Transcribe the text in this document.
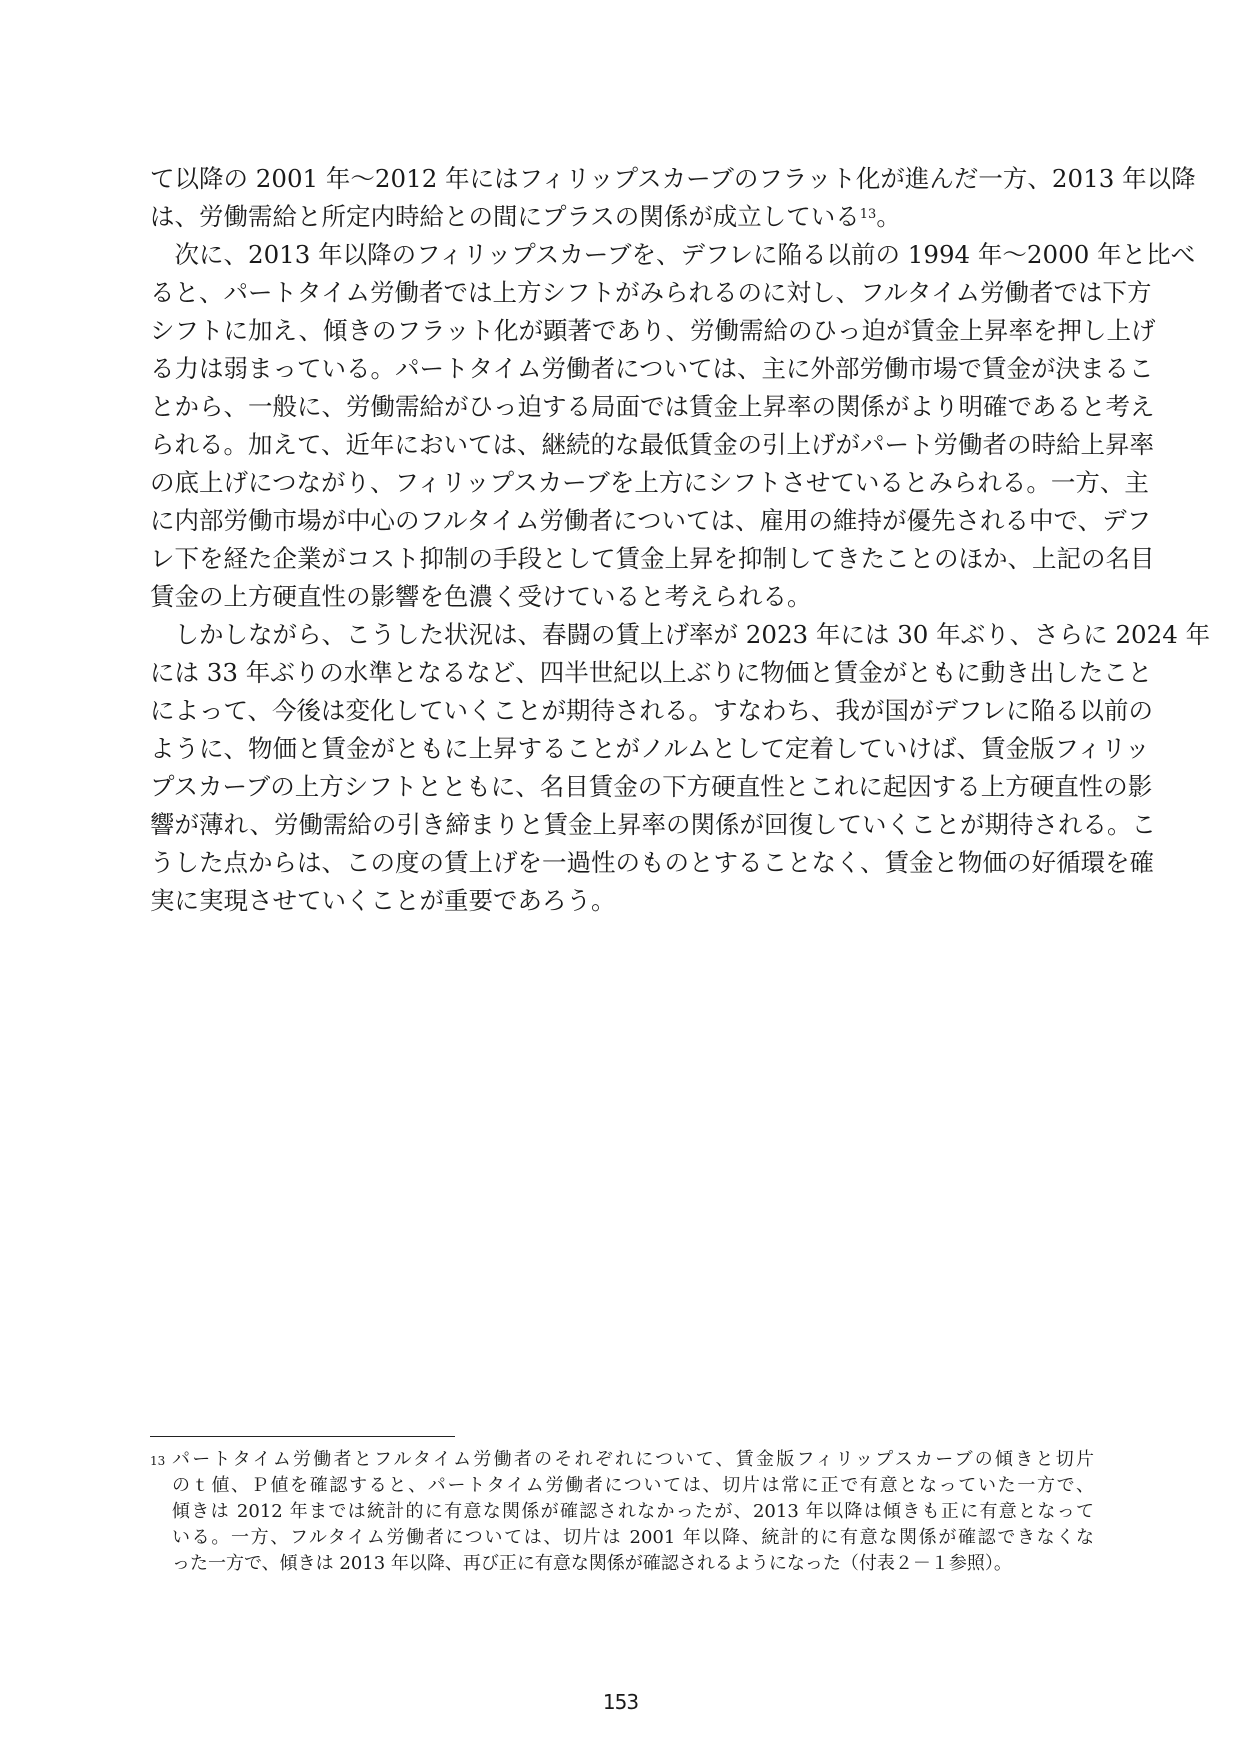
て以降の 2001 年～2012 年にはフィリップスカーブのフラット化が進んだ一方、2013 年以降
は、労働需給と所定内時給との間にプラスの関係が成立している$^{13}$。
　次に、2013 年以降のフィリップスカーブを、デフレに陥る以前の 1994 年～2000 年と比べ
ると、パートタイム労働者では上方シフトがみられるのに対し、フルタイム労働者では下方
シフトに加え、傾きのフラット化が顕著であり、労働需給のひっ迫が賃金上昇率を押し上げ
る力は弱まっている。パートタイム労働者については、主に外部労働市場で賃金が決まるこ
とから、一般に、労働需給がひっ迫する局面では賃金上昇率の関係がより明確であると考え
られる。加えて、近年においては、継続的な最低賃金の引上げがパート労働者の時給上昇率
の底上げにつながり、フィリップスカーブを上方にシフトさせているとみられる。一方、主
に内部労働市場が中心のフルタイム労働者については、雇用の維持が優先される中で、デフ
レ下を経た企業がコスト抑制の手段として賃金上昇を抑制してきたことのほか、上記の名目
賃金の上方硬直性の影響を色濃く受けていると考えられる。
　しかしながら、こうした状況は、春闘の賃上げ率が 2023 年には 30 年ぶり、さらに 2024 年
には 33 年ぶりの水準となるなど、四半世紀以上ぶりに物価と賃金がともに動き出したこと
によって、今後は変化していくことが期待される。すなわち、我が国がデフレに陥る以前の
ように、物価と賃金がともに上昇することがノルムとして定着していけば、賃金版フィリッ
プスカーブの上方シフトとともに、名目賃金の下方硬直性とこれに起因する上方硬直性の影
響が薄れ、労働需給の引き締まりと賃金上昇率の関係が回復していくことが期待される。こ
うした点からは、この度の賃上げを一過性のものとすることなく、賃金と物価の好循環を確
実に実現させていくことが重要であろう。
13 パートタイム労働者とフルタイム労働者のそれぞれについて、賃金版フィリップスカーブの傾きと切片
のｔ値、Ｐ値を確認すると、パートタイム労働者については、切片は常に正で有意となっていた一方で、
傾きは 2012 年までは統計的に有意な関係が確認されなかったが、2013 年以降は傾きも正に有意となって
いる。一方、フルタイム労働者については、切片は 2001 年以降、統計的に有意な関係が確認できなくな
った一方で、傾きは 2013 年以降、再び正に有意な関係が確認されるようになった（付表２－１参照）。
153
